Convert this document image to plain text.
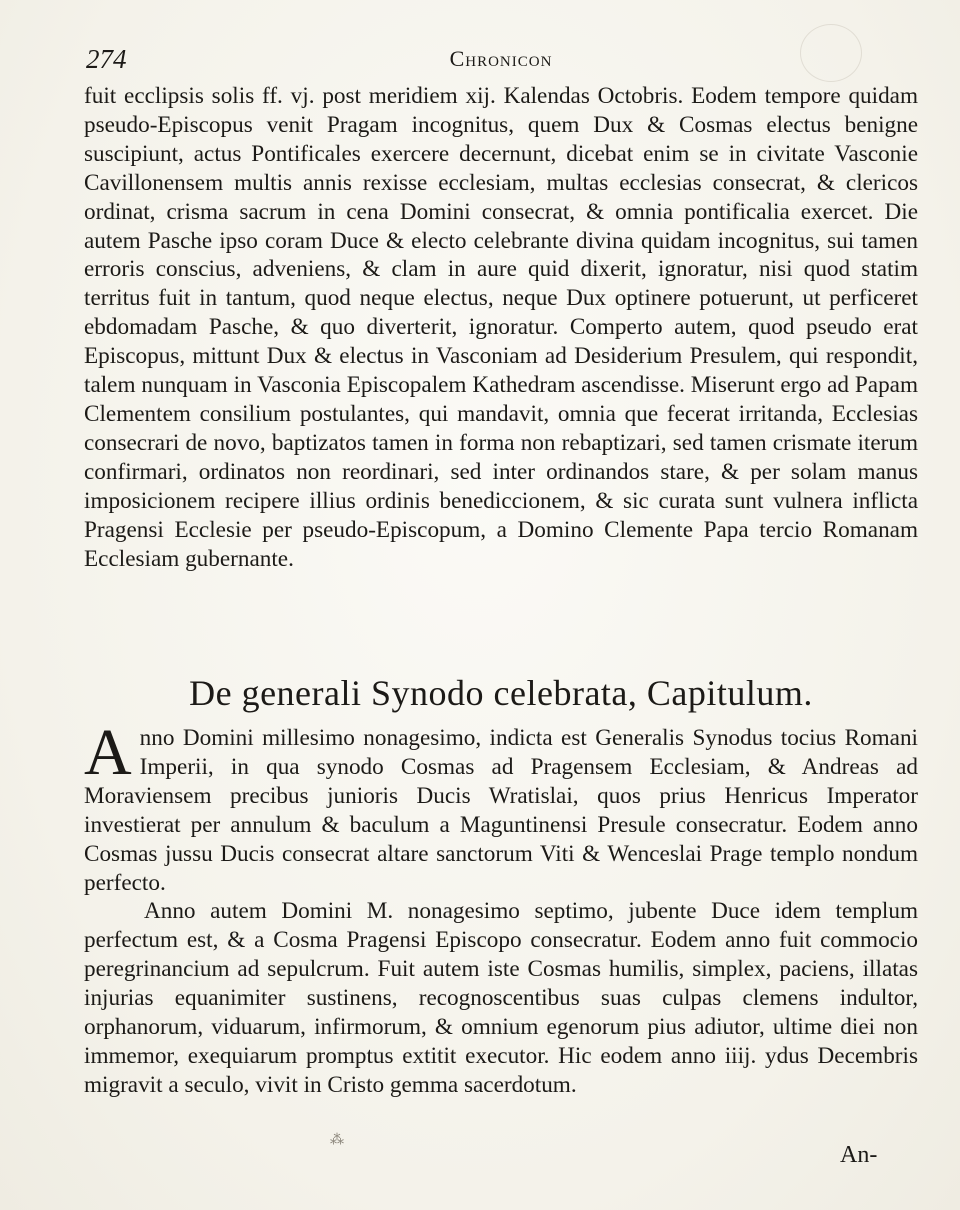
274	Chronicon

fuit ecclipsis solis ff. vj. post meridiem xij. Kalendas Octobris. Eodem tempore quidam pseudo-Episcopus venit Pragam incognitus, quem Dux & Cosmas electus benigne suscipiunt, actus Pontificales exercere decernunt, dicebat enim se in civitate Vasconie Cavillonensem multis annis rexisse ecclesiam, multas ecclesias consecrat, & clericos ordinat, crisma sacrum in cena Domini consecrat, & omnia pontificalia exercet. Die autem Pasche ipso coram Duce & electo celebrante divina quidam incognitus, sui tamen erroris conscius, adveniens, & clam in aure quid dixerit, ignoratur, nisi quod statim territus fuit in tantum, quod neque electus, neque Dux optinere potuerunt, ut perficeret ebdomadam Pasche, & quo diverterit, ignoratur. Comperto autem, quod pseudo erat Episcopus, mittunt Dux & electus in Vasconiam ad Desiderium Presulem, qui respondit, talem nunquam in Vasconia Episcopalem Kathedram ascendisse. Miserunt ergo ad Papam Clementem consilium postulantes, qui mandavit, omnia que fecerat irritanda, Ecclesias consecrari de novo, baptizatos tamen in forma non rebaptizari, sed tamen crismate iterum confirmari, ordinatos non reordinari, sed inter ordinandos stare, & per solam manus imposicionem recipere illius ordinis benediccionem, & sic curata sunt vulnera inflicta Pragensi Ecclesie per pseudo-Episcopum, a Domino Clemente Papa tercio Romanam Ecclesiam gubernante.

De generali Synodo celebrata, Capitulum.

Anno Domini millesimo nonagesimo, indicta est Generalis Synodus tocius Romani Imperii, in qua synodo Cosmas ad Pragensem Ecclesiam, & Andreas ad Moraviensem precibus junioris Ducis Wratislai, quos prius Henricus Imperator investierat per annulum & baculum a Maguntinensi Presule consecratur. Eodem anno Cosmas jussu Ducis consecrat altare sanctorum Viti & Wenceslai Prage templo nondum perfecto.

Anno autem Domini M. nonagesimo septimo, jubente Duce idem templum perfectum est, & a Cosma Pragensi Episcopo consecratur. Eodem anno fuit commocio peregrinancium ad sepulcrum. Fuit autem iste Cosmas humilis, simplex, paciens, illatas injurias equanimiter sustinens, recognoscentibus suas culpas clemens indultor, orphanorum, viduarum, infirmorum, & omnium egenorum pius adiutor, ultime diei non immemor, exequiarum promptus extitit executor. Hic eodem anno iiij. ydus Decembris migravit a seculo, vivit in Cristo gemma sacerdotum.

⁂
An-
